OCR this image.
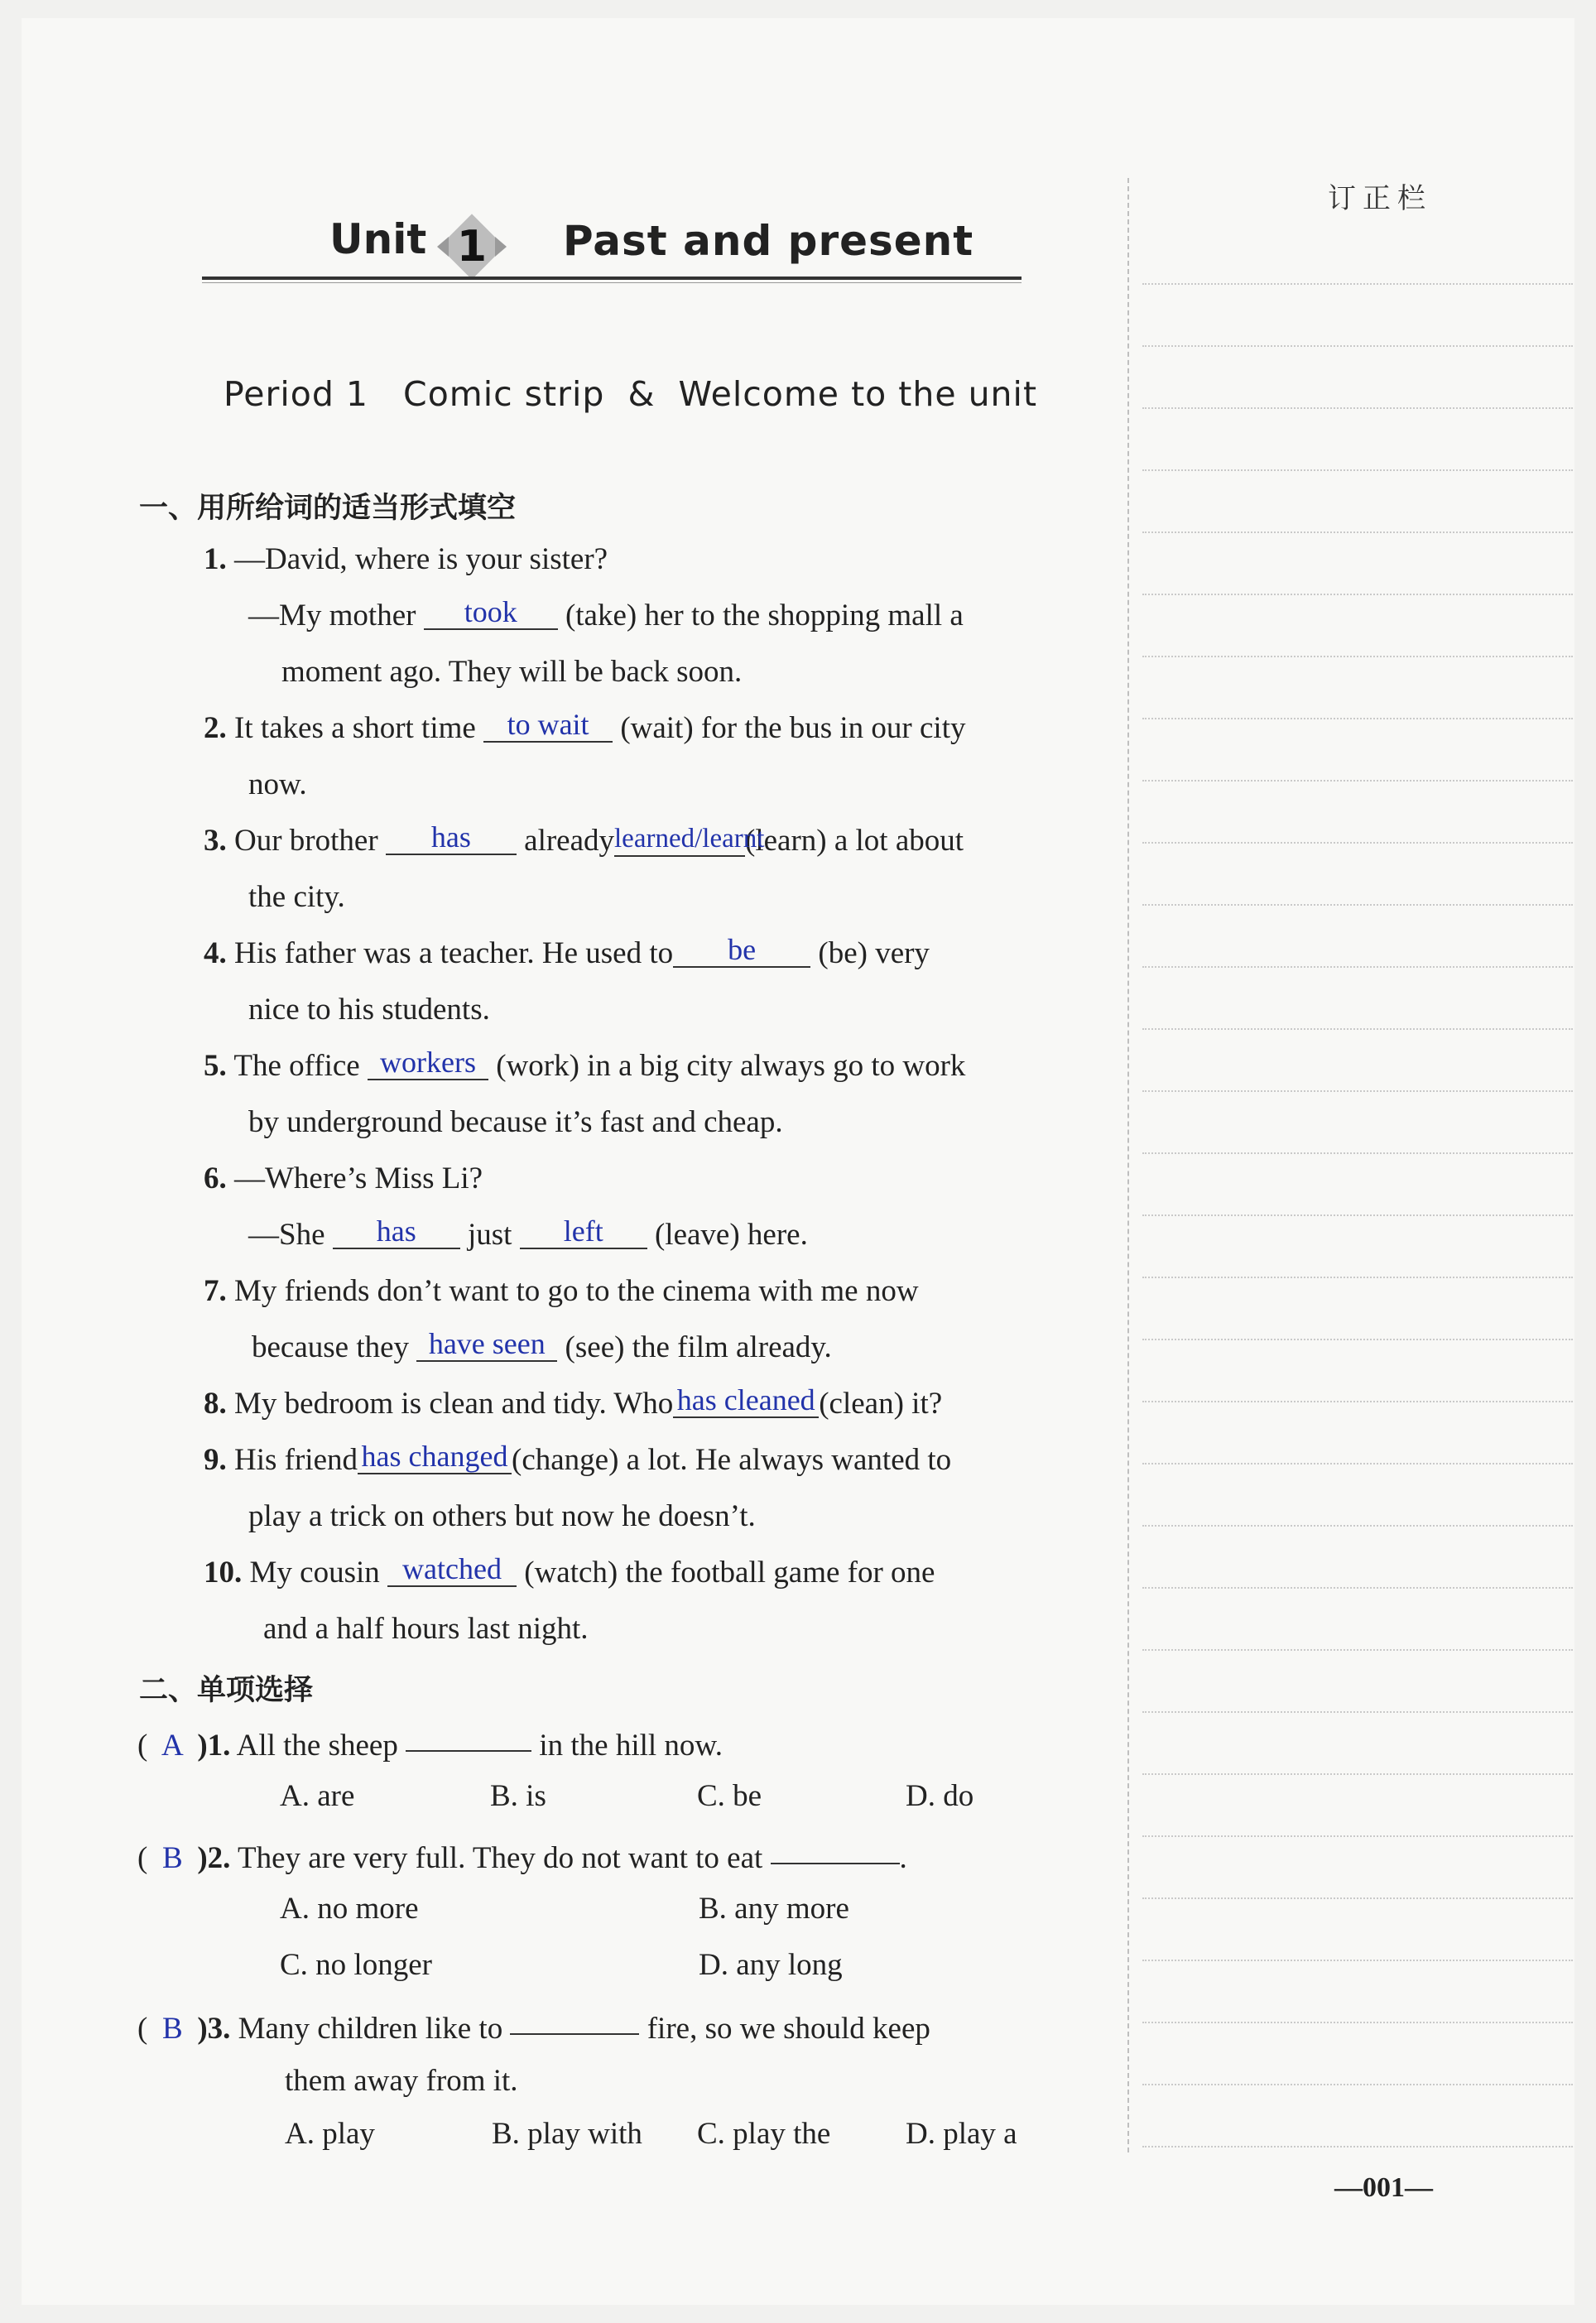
Unit 1	Past and present
Period 1   Comic strip  &  Welcome to the unit
订正栏
一、用所给词的适当形式填空
1. —David, where is your sister?
—My mother took (take) her to the shopping mall a
moment ago. They will be back soon.
2. It takes a short time to wait (wait) for the bus in our city
now.
3. Our brother has alreadylearned/learnt(learn) a lot about
the city.
4. His father was a teacher. He used to be (be) very
nice to his students.
5. The office workers (work) in a big city always go to work
by underground because it’s fast and cheap.
6. —Where’s Miss Li?
—She has just left (leave) here.
7. My friends don’t want to go to the cinema with me now
because they have seen (see) the film already.
8. My bedroom is clean and tidy. Who has cleaned (clean) it?
9. His friend has changed (change) a lot. He always wanted to
play a trick on others but now he doesn’t.
10. My cousin watched (watch) the football game for one
and a half hours last night.
二、单项选择
( A )1. All the sheep	in the hill now.
A. are	B. is	C. be	D. do
( B )2. They are very full. They do not want to eat	.
A. no more	B. any more
C. no longer	D. any long
( B )3. Many children like to	fire, so we should keep
them away from it.
A. play	B. play with C. play the D. play a
—001—
